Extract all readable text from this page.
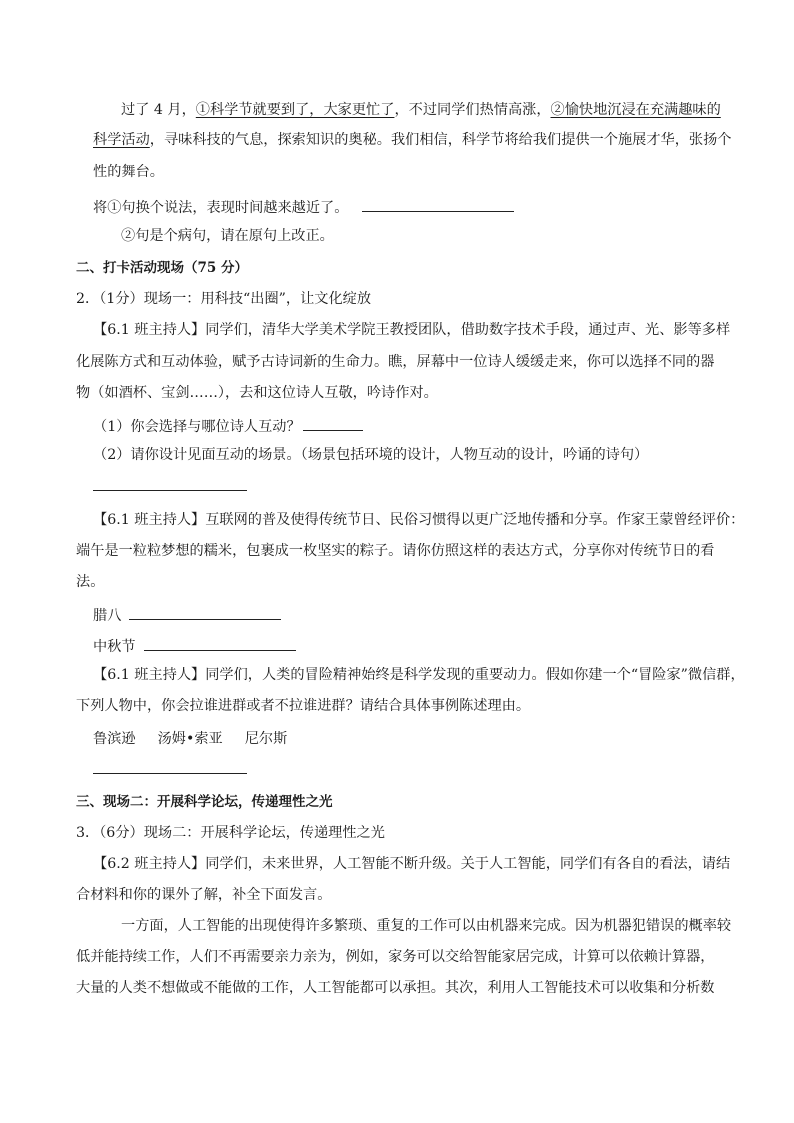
过了 4 月，①科学节就要到了，大家更忙了，不过同学们热情高涨，②愉快地沉浸在充满趣味的
科学活动，寻味科技的气息，探索知识的奥秘。我们相信，科学节将给我们提供一个施展才华，张扬个
性的舞台。
将①句换个说法，表现时间越来越近了。
②句是个病句，请在原句上改正。
二、打卡活动现场（75 分）
2．（1分）现场一：用科技“出圈”，让文化绽放
【6.1 班主持人】同学们，清华大学美术学院王教授团队，借助数字技术手段，通过声、光、影等多样
化展陈方式和互动体验，赋予古诗词新的生命力。瞧，屏幕中一位诗人缓缓走来，你可以选择不同的器
物（如酒杯、宝剑……），去和这位诗人互敬，吟诗作对。
（1）你会选择与哪位诗人互动？
（2）请你设计见面互动的场景。（场景包括环境的设计，人物互动的设计，吟诵的诗句）
【6.1 班主持人】互联网的普及使得传统节日、民俗习惯得以更广泛地传播和分享。作家王蒙曾经评价：
端午是一粒粒梦想的糯米，包裹成一枚坚实的粽子。请你仿照这样的表达方式，分享你对传统节日的看
法。
腊八
中秋节
【6.1 班主持人】同学们，人类的冒险精神始终是科学发现的重要动力。假如你建一个“冒险家”微信群，
下列人物中，你会拉谁进群或者不拉谁进群？请结合具体事例陈述理由。
鲁滨逊 汤姆•索亚 尼尔斯
三、现场二：开展科学论坛，传递理性之光
3．（6分）现场二：开展科学论坛，传递理性之光
【6.2 班主持人】同学们，未来世界，人工智能不断升级。关于人工智能，同学们有各自的看法，请结
合材料和你的课外了解，补全下面发言。
一方面，人工智能的出现使得许多繁琐、重复的工作可以由机器来完成。因为机器犯错误的概率较
低并能持续工作，人们不再需要亲力亲为，例如，家务可以交给智能家居完成，计算可以依赖计算器，
大量的人类不想做或不能做的工作，人工智能都可以承担。其次，利用人工智能技术可以收集和分析数
